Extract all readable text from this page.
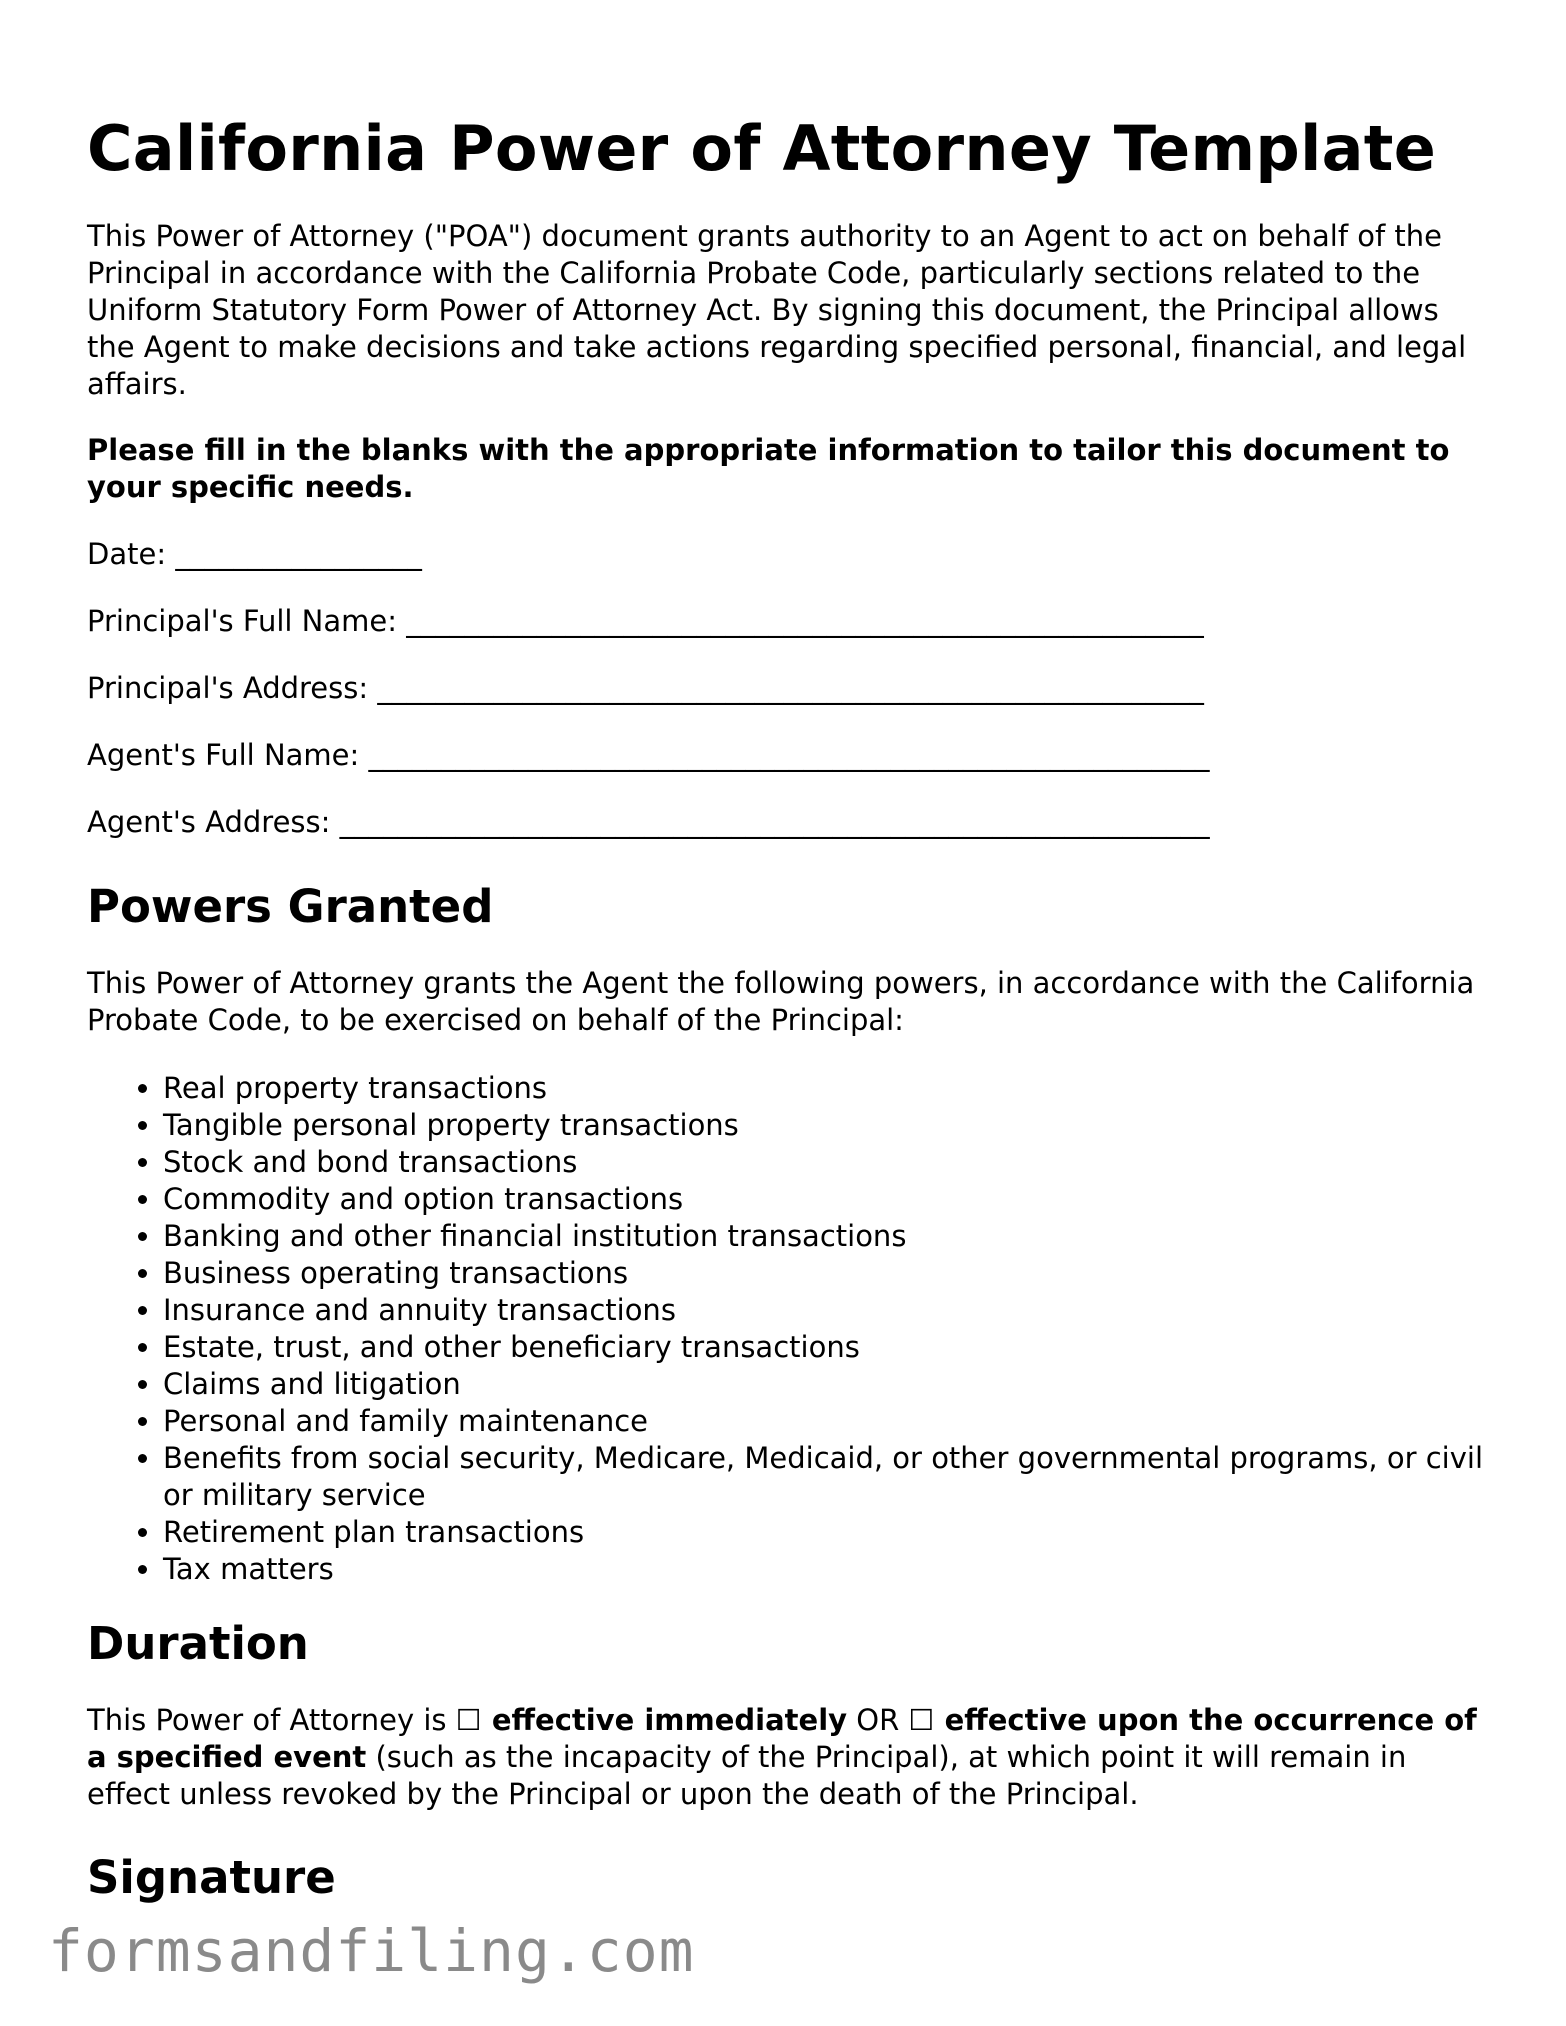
California Power of Attorney Template

This Power of Attorney ("POA") document grants authority to an Agent to act on behalf of the Principal in accordance with the California Probate Code, particularly sections related to the Uniform Statutory Form Power of Attorney Act. By signing this document, the Principal allows the Agent to make decisions and take actions regarding specified personal, financial, and legal affairs.

Please fill in the blanks with the appropriate information to tailor this document to your specific needs.

Date: _________________

Principal's Full Name: _______________________________________________________

Principal's Address: _________________________________________________________

Agent's Full Name: __________________________________________________________

Agent's Address: ____________________________________________________________

Powers Granted

This Power of Attorney grants the Agent the following powers, in accordance with the California Probate Code, to be exercised on behalf of the Principal:

• Real property transactions
• Tangible personal property transactions
• Stock and bond transactions
• Commodity and option transactions
• Banking and other financial institution transactions
• Business operating transactions
• Insurance and annuity transactions
• Estate, trust, and other beneficiary transactions
• Claims and litigation
• Personal and family maintenance
• Benefits from social security, Medicare, Medicaid, or other governmental programs, or civil or military service
• Retirement plan transactions
• Tax matters
Duration

This Power of Attorney is ☐ effective immediately OR ☐ effective upon the occurrence of a specified event (such as the incapacity of the Principal), at which point it will remain in effect unless revoked by the Principal or upon the death of the Principal.

Signature
formsandfiling.com
